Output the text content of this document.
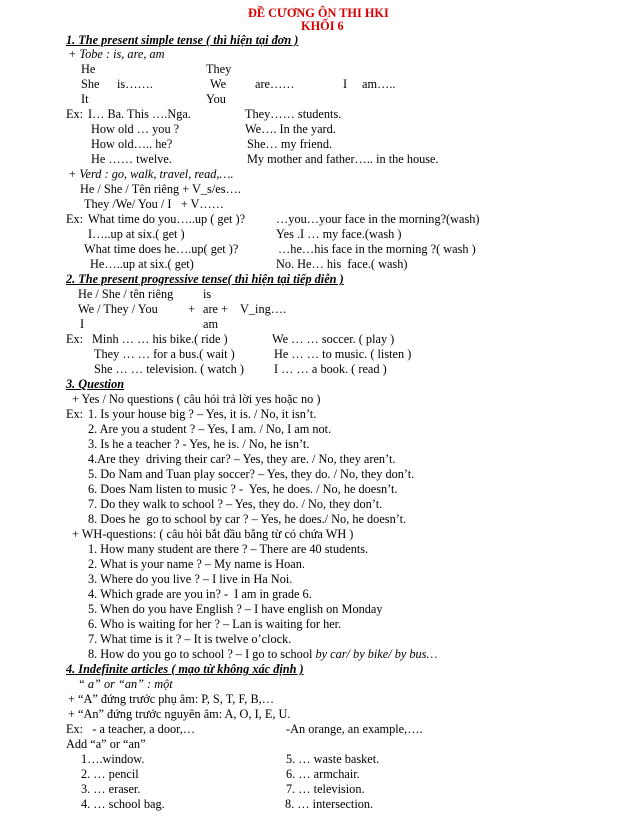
ĐỀ CƯƠNG ÔN THI HKI
KHỐI 6
1. The present simple tense ( thì hiện tại đơn )
+ Tobe : is, are, am
He	They
She is…….	We are……	I am…..
It	You
Ex: I… Ba. This ….Nga.	They…… students.
How old … you ?	We…. In the yard.
How old….. he?	She… my friend.
He …… twelve.	My mother and father….. in the house.
+ Verd : go, walk, travel, read,….
He / She / Tên riêng + V_s/es….
They /We/ You / I   + V……
Ex: What time do you…..up ( get )?	…you…your face in the morning?(wash)
I…..up at six.( get )	Yes .I … my face.(wash )
What time does he….up( get )?	…he…his face in the morning ?( wash )
He…..up at six.( get)	No. He… his  face.( wash)
2. The present progressive tense( thì hiện tại tiếp diễn )
He / She / tên riêng is
We / They / You + are + V_ing….
I	am
Ex: Minh … … his bike.( ride )	We … … soccer. ( play )
They … … for a bus.( wait )	He … … to music. ( listen )
She … … television. ( watch ) I … … a book. ( read )
3. Question
+ Yes / No questions ( câu hỏi trả lời yes hoặc no )
Ex: 1. Is your house big ? – Yes, it is. / No, it isn’t.
2. Are you a student ? – Yes, I am. / No, I am not.
3. Is he a teacher ? - Yes, he is. / No, he isn’t.
4.Are they  driving their car? – Yes, they are. / No, they aren’t.
5. Do Nam and Tuan play soccer? – Yes, they do. / No, they don’t.
6. Does Nam listen to music ? -  Yes, he does. / No, he doesn’t.
7. Do they walk to school ? – Yes, they do. / No, they don’t.
8. Does he  go to school by car ? – Yes, he does./ No, he doesn’t.
+ WH-questions: ( câu hỏi bắt đầu bằng từ có chứa WH )
1. How many student are there ? – There are 40 students.
2. What is your name ? – My name is Hoan.
3. Where do you live ? – I live in Ha Noi.
4. Which grade are you in? -  I am in grade 6.
5. When do you have English ? – I have english on Monday
6. Who is waiting for her ? – Lan is waiting for her.
7. What time is it ? – It is twelve o’clock.
8. How do you go to school ? – I go to school by car/ by bike/ by bus…
4. Indefinite articles ( mạo từ không xác định )
“ a” or “an” : một
+ “A” đứng trước phụ âm: P, S, T, F, B,…
+ “An” đứng trước nguyên âm: A, O, I, E, U.
Ex:   - a teacher, a door,…	-An orange, an example,….
Add “a” or “an”
1….window.	5. … waste basket.
2. … pencil	6. … armchair.
3. … eraser.	7. … television.
4. … school bag.	8. … intersection.
